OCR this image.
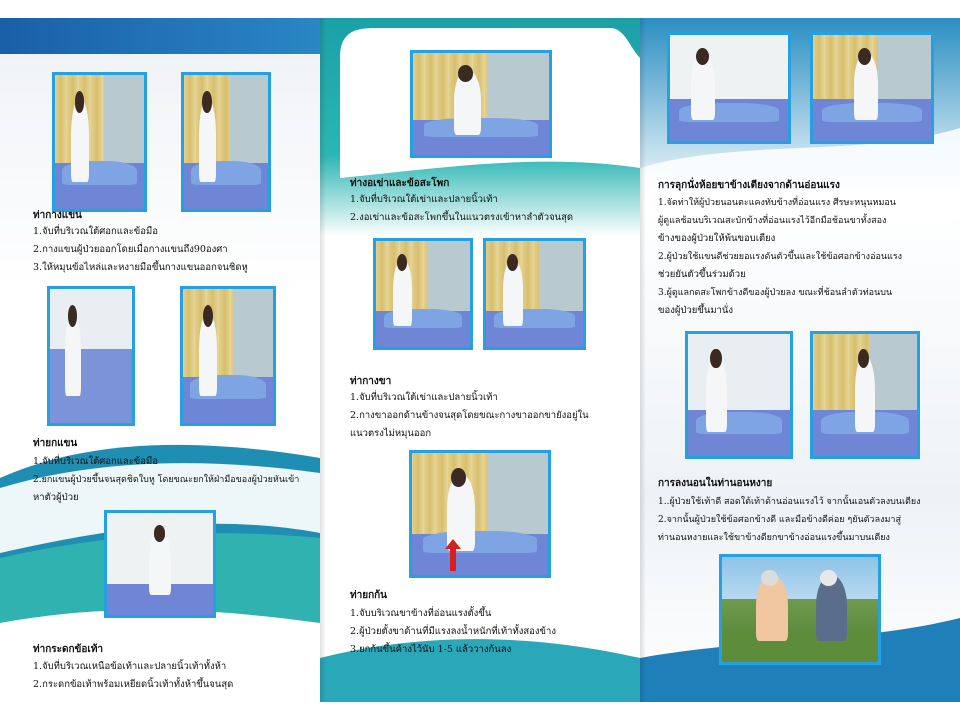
ท่ากางแขน
1.จับที่บริเวณใต้ศอกและข้อมือ
2.กางแขนผู้ป่วยออกโดยเมื่อกางแขนถึง90องศา
3.ให้หมุนข้อไหล่และหงายมือขึ้นกางแขนออกจนชิดหู
ท่ายกแขน
1.จับที่บริเวณใต้ศอกและข้อมือ
2.ยกแขนผู้ป่วยขึ้นจนสุดชิดใบหู โดยขณะยกให้ฝ่ามือของผู้ป่วยหันเข้า
หาตัวผู้ป่วย
ท่ากระดกข้อเท้า
1.จับที่บริเวณเหนือข้อเท้าและปลายนิ้วเท้าทั้งห้า
2.กระดกข้อเท้าพร้อมเหยียดนิ้วเท้าทั้งห้าขึ้นจนสุด
ท่างอเข่าและข้อสะโพก
1.จับที่บริเวณใต้เข่าและปลายนิ้วเท้า
2.งอเข่าและข้อสะโพกขึ้นในแนวตรงเข้าหาลำตัวจนสุด
ท่ากางขา
1.จับที่บริเวณใต้เข่าและปลายนิ้วเท้า
2.กางขาออกด้านข้างจนสุดโดยขณะกางขาออกขายังอยู่ใน
แนวตรงไม่หมุนออก
ท่ายกก้น
1.จับบริเวณขาข้างที่อ่อนแรงตั้งขึ้น
2.ผู้ป่วยตั้งขาด้านที่มีแรงลงน้ำหนักที่เท้าทั้งสองข้าง
3.ยกก้นขึ้นค้างไว้นับ 1-5 แล้ววางก้นลง
การลุกนั่งห้อยขาข้างเตียงจากด้านอ่อนแรง
1.จัดท่าให้ผู้ป่วยนอนตะแคงทับข้างที่อ่อนแรง ศีรษะหนุนหมอน
ผู้ดูแลช้อนบริเวณสะบักข้างที่อ่อนแรงไว้อีกมือช้อนขาทั้งสอง
ข้างของผู้ป่วยให้พ้นขอบเตียง
2.ผู้ป่วยใช้แขนดีช่วยยอแรงดันตัวขึ้นและใช้ข้อศอกข้างอ่อนแรง
ช่วยยันตัวขึ้นร่วมด้วย
3.ผู้ดูแลกดสะโพกข้างดีของผู้ป่วยลง ขณะที่ช้อนลำตัวท่อนบน
ของผู้ป่วยขึ้นมานั่ง
การลงนอนในท่านอนหงาย
1..ผู้ป่วยใช้เท้าดี สอดใต้เท้าด้านอ่อนแรงไว้ จากนั้นเอนตัวลงบนเตียง
2.จากนั้นผู้ป่วยใช้ข้อศอกข้างดี และมือข้างดีค่อย ๆยันตัวลงมาสู่
ท่านอนหงายและใช้ขาข้างดียกขาข้างอ่อนแรงขึ้นมาบนเตียง
